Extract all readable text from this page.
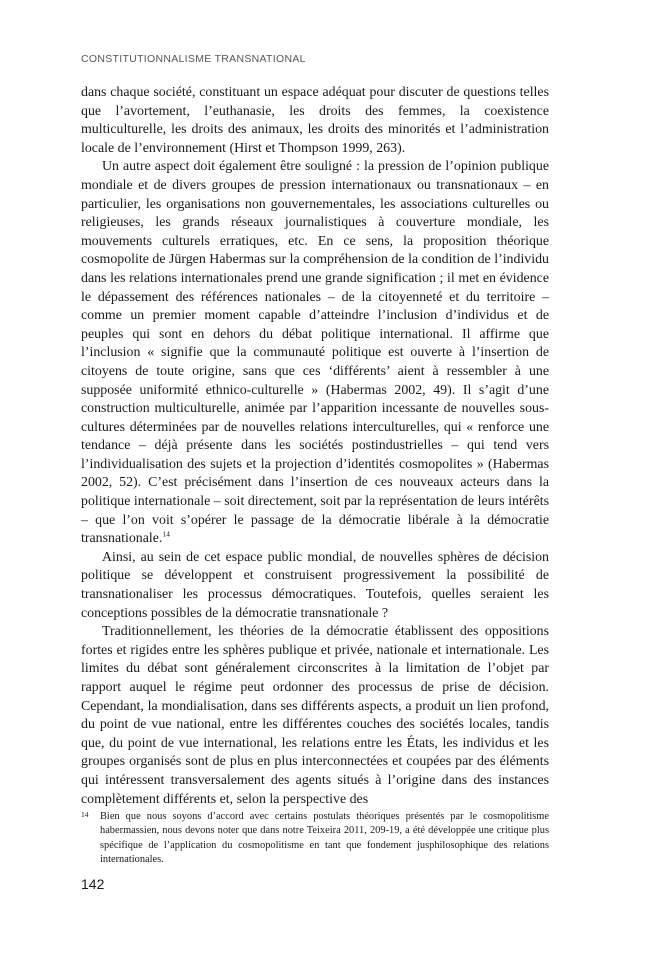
CONSTITUTIONNALISME TRANSNATIONAL

dans chaque société, constituant un espace adéquat pour discuter de questions telles que l’avortement, l’euthanasie, les droits des femmes, la coexistence multiculturelle, les droits des animaux, les droits des minorités et l’administration locale de l’environnement (Hirst et Thompson 1999, 263).

Un autre aspect doit également être souligné : la pression de l’opinion publique mondiale et de divers groupes de pression internationaux ou transnationaux – en particulier, les organisations non gouvernementales, les associations culturelles ou religieuses, les grands réseaux journalistiques à couverture mondiale, les mouvements culturels erratiques, etc. En ce sens, la proposition théorique cosmopolite de Jürgen Habermas sur la compréhension de la condition de l’individu dans les relations internationales prend une grande signification ; il met en évidence le dépassement des références nationales – de la citoyenneté et du territoire – comme un premier moment capable d’atteindre l’inclusion d’individus et de peuples qui sont en dehors du débat politique international. Il affirme que l’inclusion « signifie que la communauté politique est ouverte à l’insertion de citoyens de toute origine, sans que ces ‘différents’ aient à ressembler à une supposée uniformité ethnico-culturelle » (Habermas 2002, 49). Il s’agit d’une construction multiculturelle, animée par l’apparition incessante de nouvelles sous-cultures déterminées par de nouvelles relations interculturelles, qui « renforce une tendance – déjà présente dans les sociétés postindustrielles – qui tend vers l’individualisation des sujets et la projection d’identités cosmopolites » (Habermas 2002, 52). C’est précisément dans l’insertion de ces nouveaux acteurs dans la politique internationale – soit directement, soit par la représentation de leurs intérêts – que l’on voit s’opérer le passage de la démocratie libérale à la démocratie transnationale.$^{14}$

Ainsi, au sein de cet espace public mondial, de nouvelles sphères de décision politique se développent et construisent progressivement la possibilité de transnationaliser les processus démocratiques. Toutefois, quelles seraient les conceptions possibles de la démocratie transnationale ?

Traditionnellement, les théories de la démocratie établissent des oppositions fortes et rigides entre les sphères publique et privée, nationale et internationale. Les limites du débat sont généralement circonscrites à la limitation de l’objet par rapport auquel le régime peut ordonner des processus de prise de décision. Cependant, la mondialisation, dans ses différents aspects, a produit un lien profond, du point de vue national, entre les différentes couches des sociétés locales, tandis que, du point de vue international, les relations entre les États, les individus et les groupes organisés sont de plus en plus interconnectées et coupées par des éléments qui intéressent transversalement des agents situés à l’origine dans des instances complètement différents et, selon la perspective des

14 Bien que nous soyons d’accord avec certains postulats théoriques présentés par le cosmopolitisme habermassien, nous devons noter que dans notre Teixeira 2011, 209-19, a été développée une critique plus spécifique de l’application du cosmopolitisme en tant que fondement jusphilosophique des relations internationales.
142
